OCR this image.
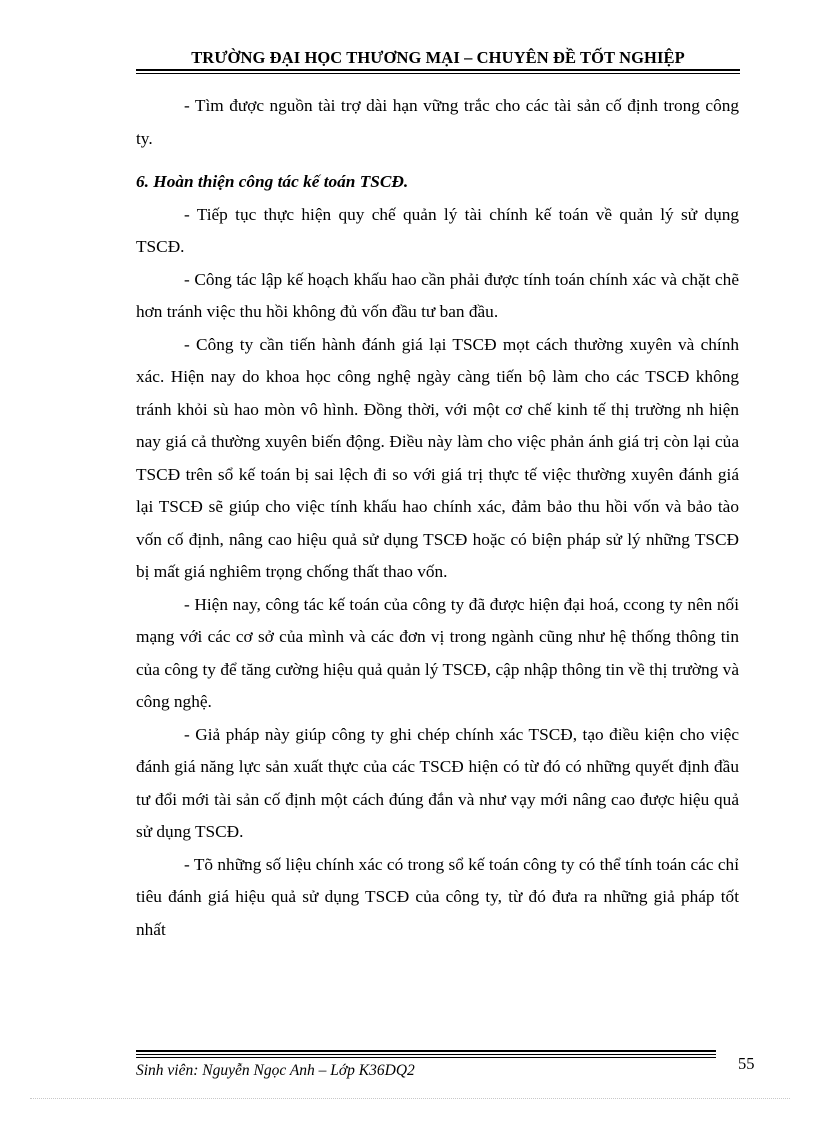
TRƯỜNG ĐẠI HỌC THƯƠNG MẠI – CHUYÊN ĐỀ TỐT NGHIỆP

- Tìm được nguồn tài trợ dài hạn vững trắc cho các tài sản cố định trong công ty.

6. Hoàn thiện công tác kế toán TSCĐ.

- Tiếp tục thực hiện quy chế quản lý tài chính kế toán về quản lý sử dụng TSCĐ.

- Công tác lập kế hoạch khấu hao cần phải được tính toán chính xác và chặt chẽ hơn tránh việc thu hồi không đủ vốn đầu tư ban đầu.

- Công ty cần tiến hành đánh giá lại TSCĐ mọt cách thường xuyên và chính xác. Hiện nay do khoa học công nghệ ngày càng tiến bộ làm cho các TSCĐ không tránh khỏi sù hao mòn vô hình. Đồng thời, với một cơ chế kinh tế thị trường nh hiện nay giá cả thường xuyên biến động. Điều này làm cho việc phản ánh giá trị còn lại của TSCĐ trên sổ kế toán bị sai lệch đi so với giá trị thực tế việc thường xuyên đánh giá lại TSCĐ sẽ giúp cho việc tính khấu hao chính xác, đảm bảo thu hồi vốn và bảo tào vốn cố định, nâng cao hiệu quả sử dụng TSCĐ hoặc có biện pháp sử lý những TSCĐ bị mất giá nghiêm trọng chống thất thao vốn.

- Hiện nay, công tác kế toán của công ty đã được hiện đại hoá, ccong ty nên nối mạng với các cơ sở của mình và các đơn vị trong ngành cũng như hệ thống thông tin của công ty để tăng cường hiệu quả quản lý TSCĐ, cập nhập thông tin về thị trường và công nghệ.

- Giả pháp này giúp công ty ghi chép chính xác TSCĐ, tạo điều kiện cho việc đánh giá năng lực sản xuất thực của các TSCĐ hiện có từ đó có những quyết định đầu tư đổi mới tài sản cố định một cách đúng đắn và như vạy mới nâng cao được hiệu quả sử dụng TSCĐ.

- Tõ những số liệu chính xác có trong sổ kế toán công ty có thể tính toán các chỉ tiêu đánh giá hiệu quả sử dụng TSCĐ của công ty, từ đó đưa ra những giả pháp tốt nhất

Sinh viên: Nguyễn Ngọc Anh – Lớp K36DQ2	55
